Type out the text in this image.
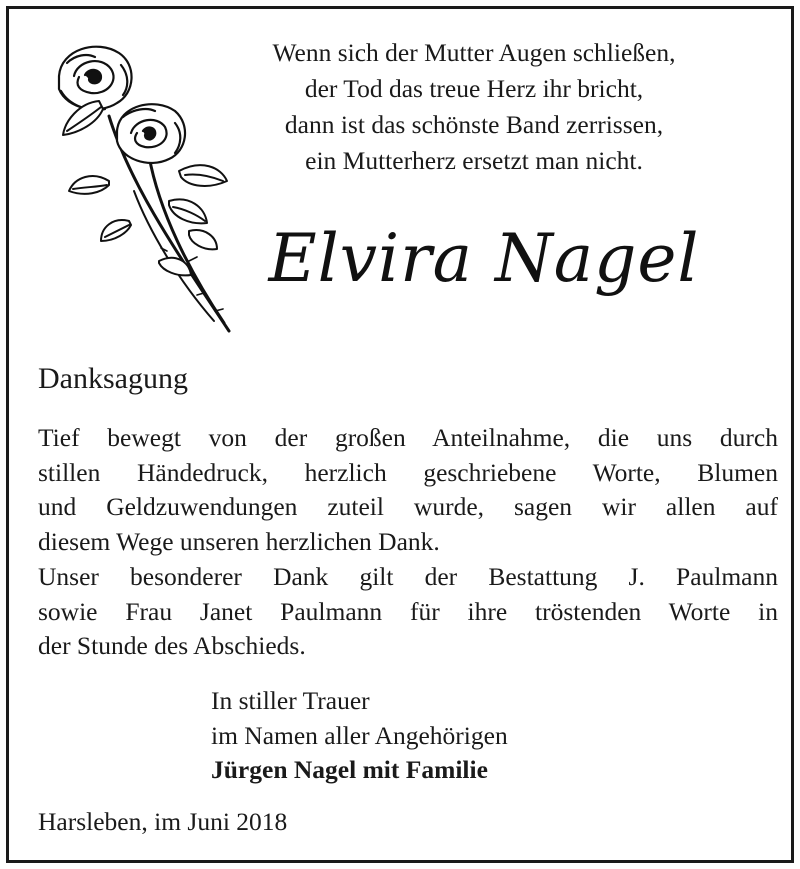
Wenn sich der Mutter Augen schließen,
der Tod das treue Herz ihr bricht,
dann ist das schönste Band zerrissen,
ein Mutterherz ersetzt man nicht.
Elvira Nagel
Danksagung
Tief bewegt von der großen Anteilnahme, die uns durch
stillen Händedruck, herzlich geschriebene Worte, Blumen
und Geldzuwendungen zuteil wurde, sagen wir allen auf
diesem Wege unseren herzlichen Dank.
Unser besonderer Dank gilt der Bestattung J. Paulmann
sowie Frau Janet Paulmann für ihre tröstenden Worte in
der Stunde des Abschieds.
In stiller Trauer
im Namen aller Angehörigen
Jürgen Nagel mit Familie
Harsleben, im Juni 2018
